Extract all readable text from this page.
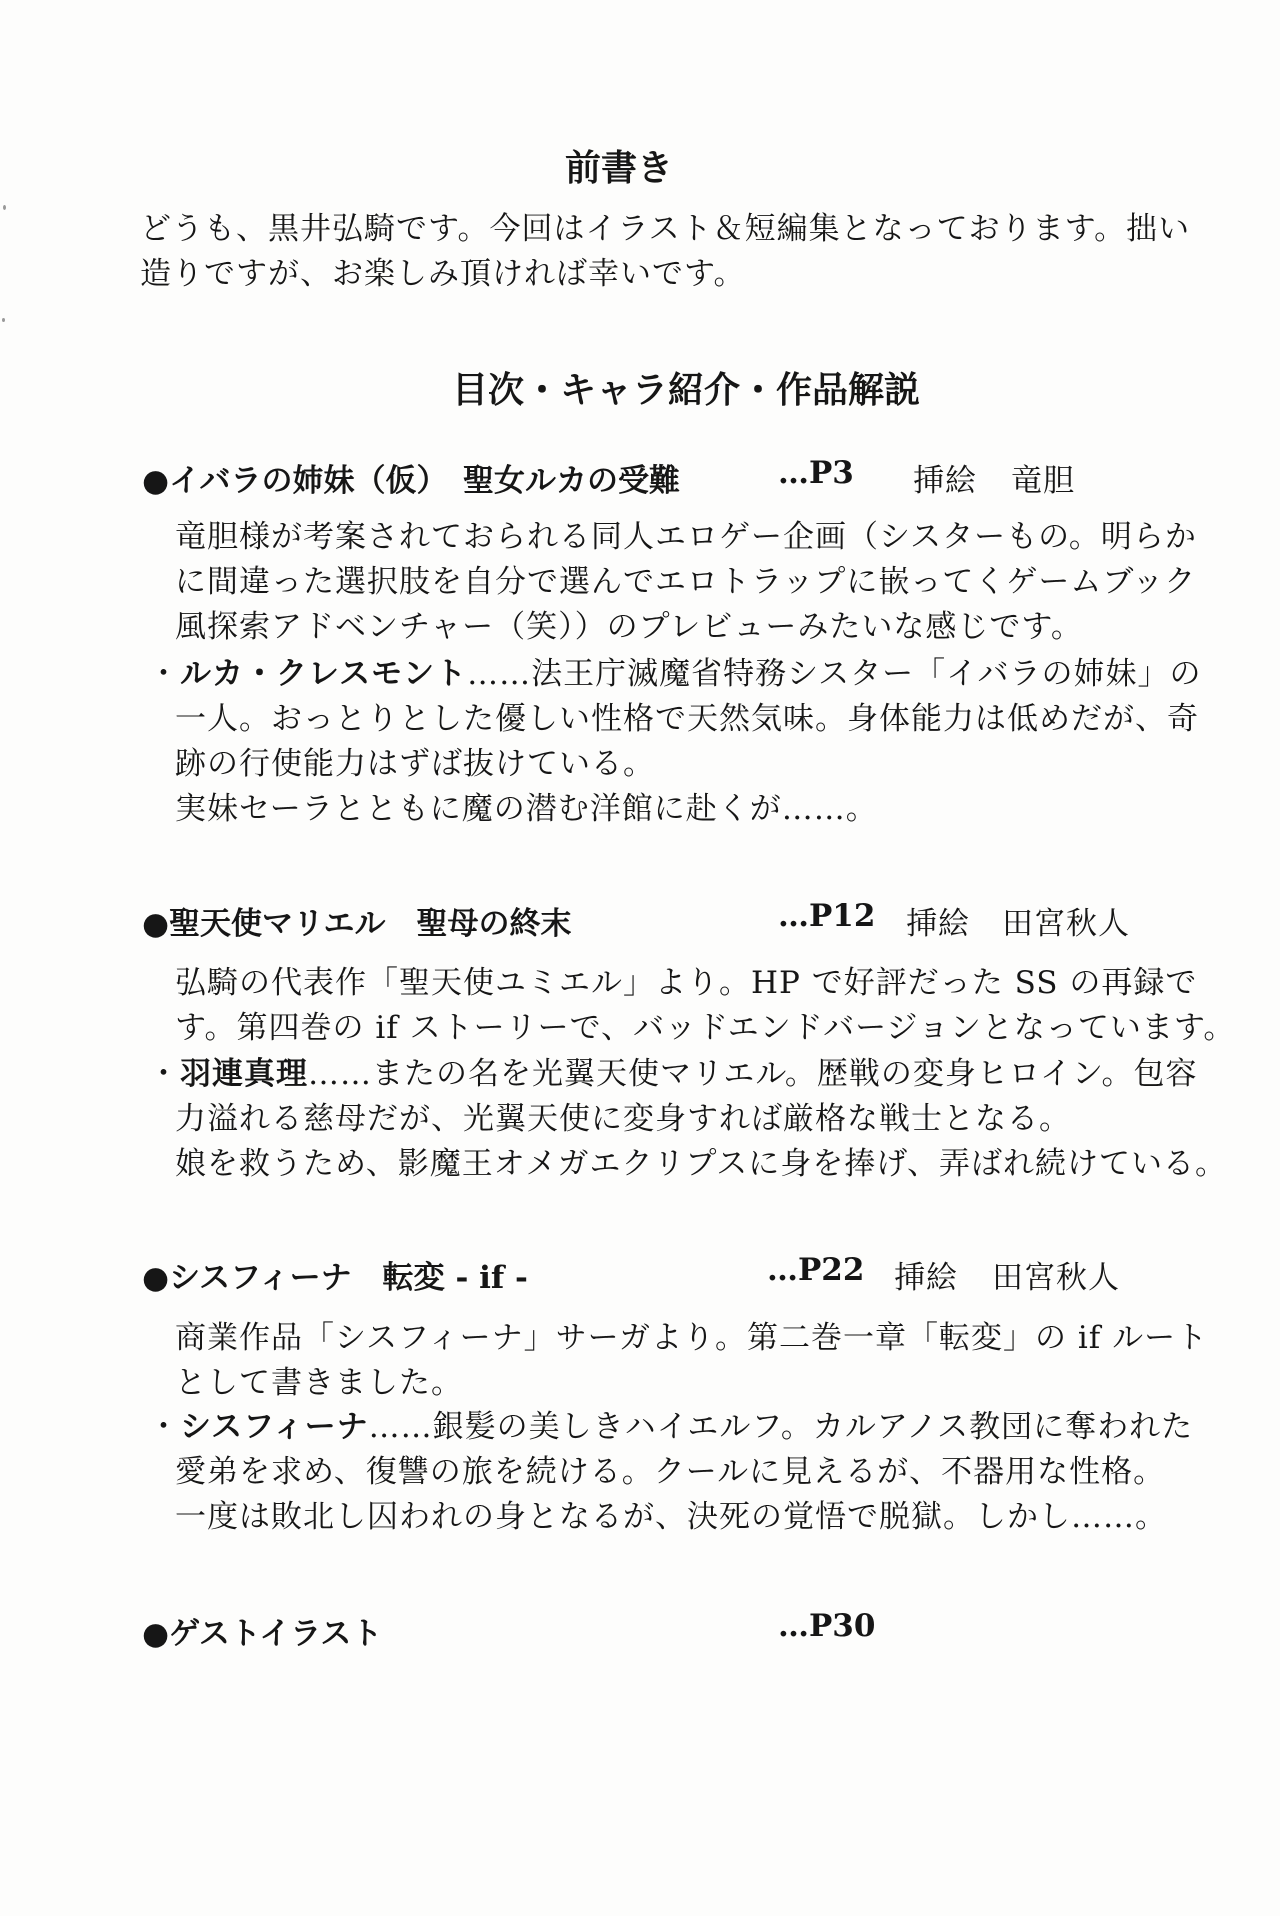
前書き
どうも、黒井弘騎です。今回はイラスト＆短編集となっております。拙い
造りですが、お楽しみ頂ければ幸いです。
目次・キャラ紹介・作品解説
●イバラの姉妹（仮）　聖女ルカの受難	…P3 挿絵 竜胆
竜胆様が考案されておられる同人エロゲー企画（シスターもの。明らか
に間違った選択肢を自分で選んでエロトラップに嵌ってくゲームブック
風探索アドベンチャー（笑））のプレビューみたいな感じです。
・ルカ・クレスモント……法王庁滅魔省特務シスター「イバラの姉妹」の
一人。おっとりとした優しい性格で天然気味。身体能力は低めだが、奇
跡の行使能力はずば抜けている。
実妹セーラとともに魔の潜む洋館に赴くが……。
●聖天使マリエル　聖母の終末	…P12 挿絵 田宮秋人
弘騎の代表作「聖天使ユミエル」より。HP で好評だった SS の再録で
す。第四巻の if ストーリーで、バッドエンドバージョンとなっています。
・羽連真理……またの名を光翼天使マリエル。歴戦の変身ヒロイン。包容
力溢れる慈母だが、光翼天使に変身すれば厳格な戦士となる。
娘を救うため、影魔王オメガエクリプスに身を捧げ、弄ばれ続けている。
●シスフィーナ　転変 - if -	…P22 挿絵 田宮秋人
商業作品「シスフィーナ」サーガより。第二巻一章「転変」の if ルート
として書きました。
・シスフィーナ……銀髪の美しきハイエルフ。カルアノス教団に奪われた
愛弟を求め、復讐の旅を続ける。クールに見えるが、不器用な性格。
一度は敗北し囚われの身となるが、決死の覚悟で脱獄。しかし……。
●ゲストイラスト	…P30
